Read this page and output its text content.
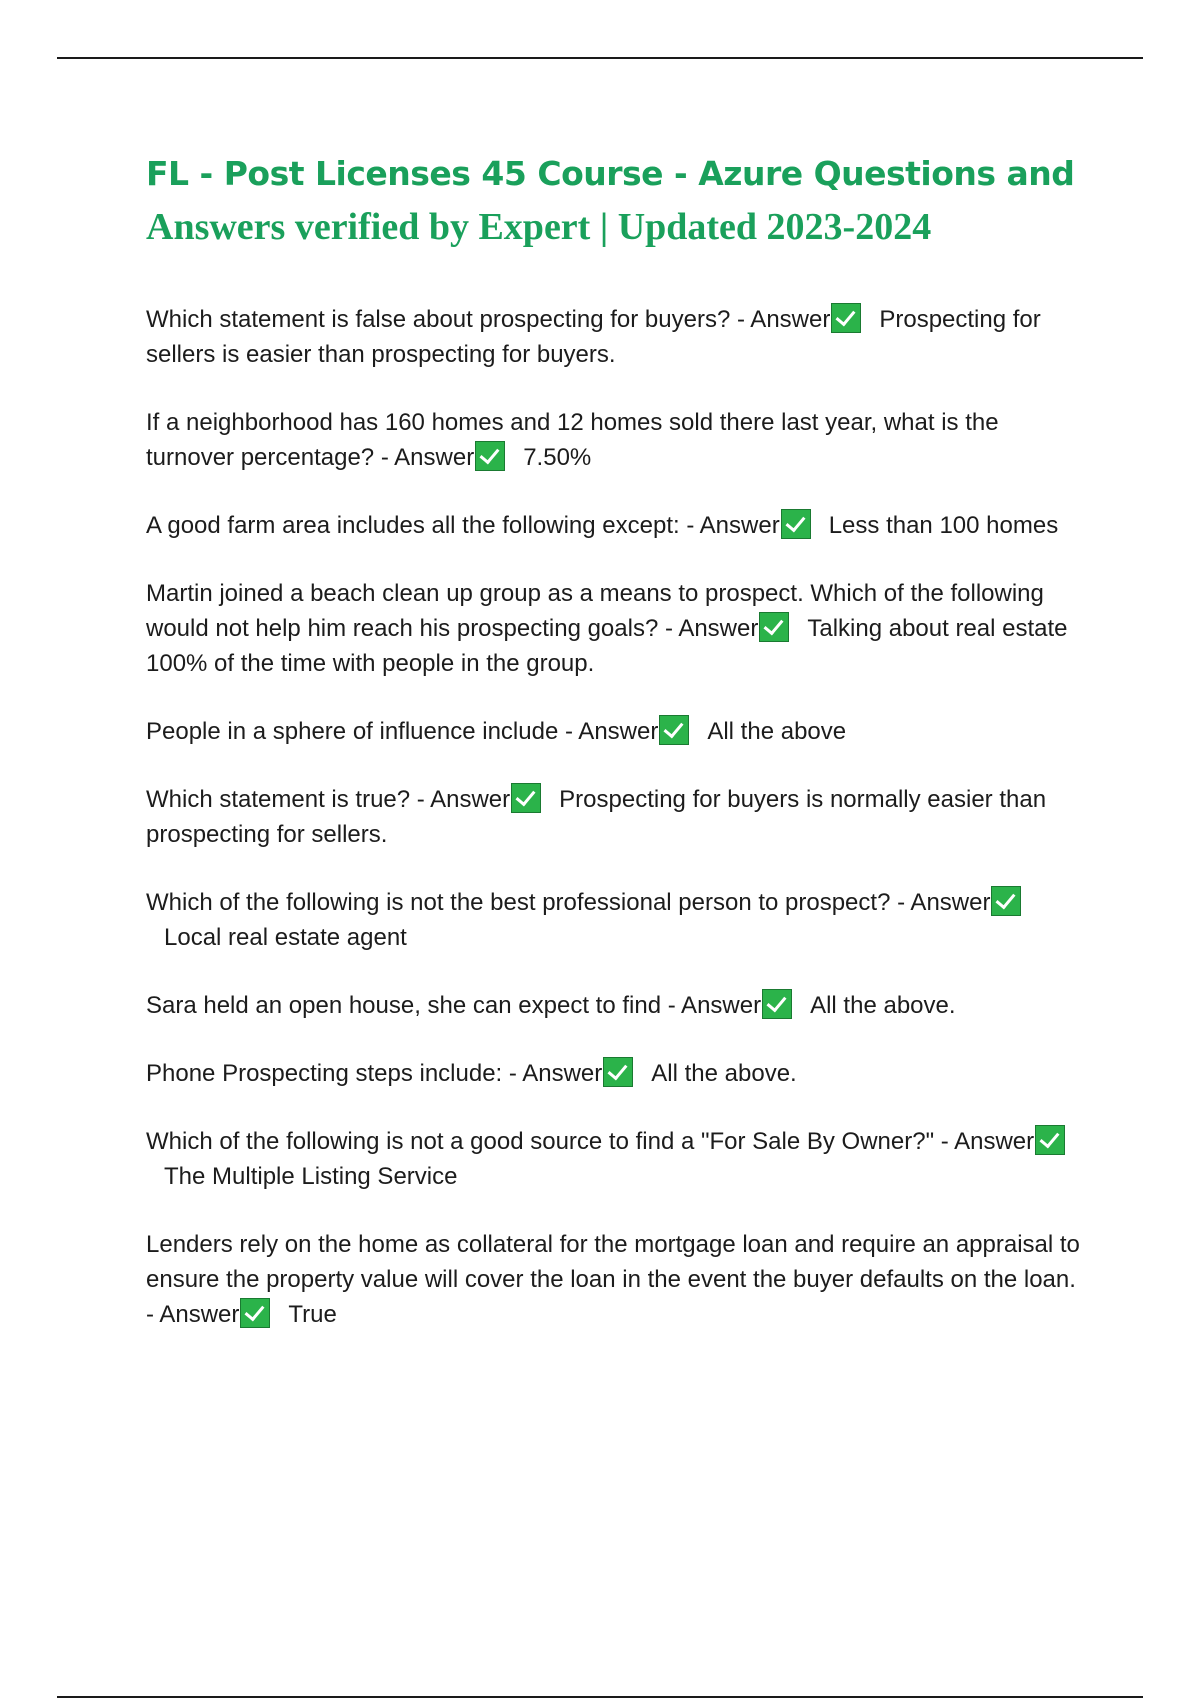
FL - Post Licenses 45 Course - Azure Questions and
Answers verified by Expert | Updated 2023-2024

Which statement is false about prospecting for buyers? - Answer Prospecting for sellers is easier than prospecting for buyers.

If a neighborhood has 160 homes and 12 homes sold there last year, what is the turnover percentage? - Answer 7.50%

A good farm area includes all the following except: - Answer Less than 100 homes

Martin joined a beach clean up group as a means to prospect. Which of the following would not help him reach his prospecting goals? - Answer Talking about real estate 100% of the time with people in the group.

People in a sphere of influence include - Answer All the above

Which statement is true? - Answer Prospecting for buyers is normally easier than prospecting for sellers.

Which of the following is not the best professional person to prospect? - AnswerLocal real estate agent

Sara held an open house, she can expect to find - Answer All the above.

Phone Prospecting steps include: - Answer All the above.

Which of the following is not a good source to find a "For Sale By Owner?" - AnswerThe Multiple Listing Service

Lenders rely on the home as collateral for the mortgage loan and require an appraisal to ensure the property value will cover the loan in the event the buyer defaults on the loan. - Answer True
